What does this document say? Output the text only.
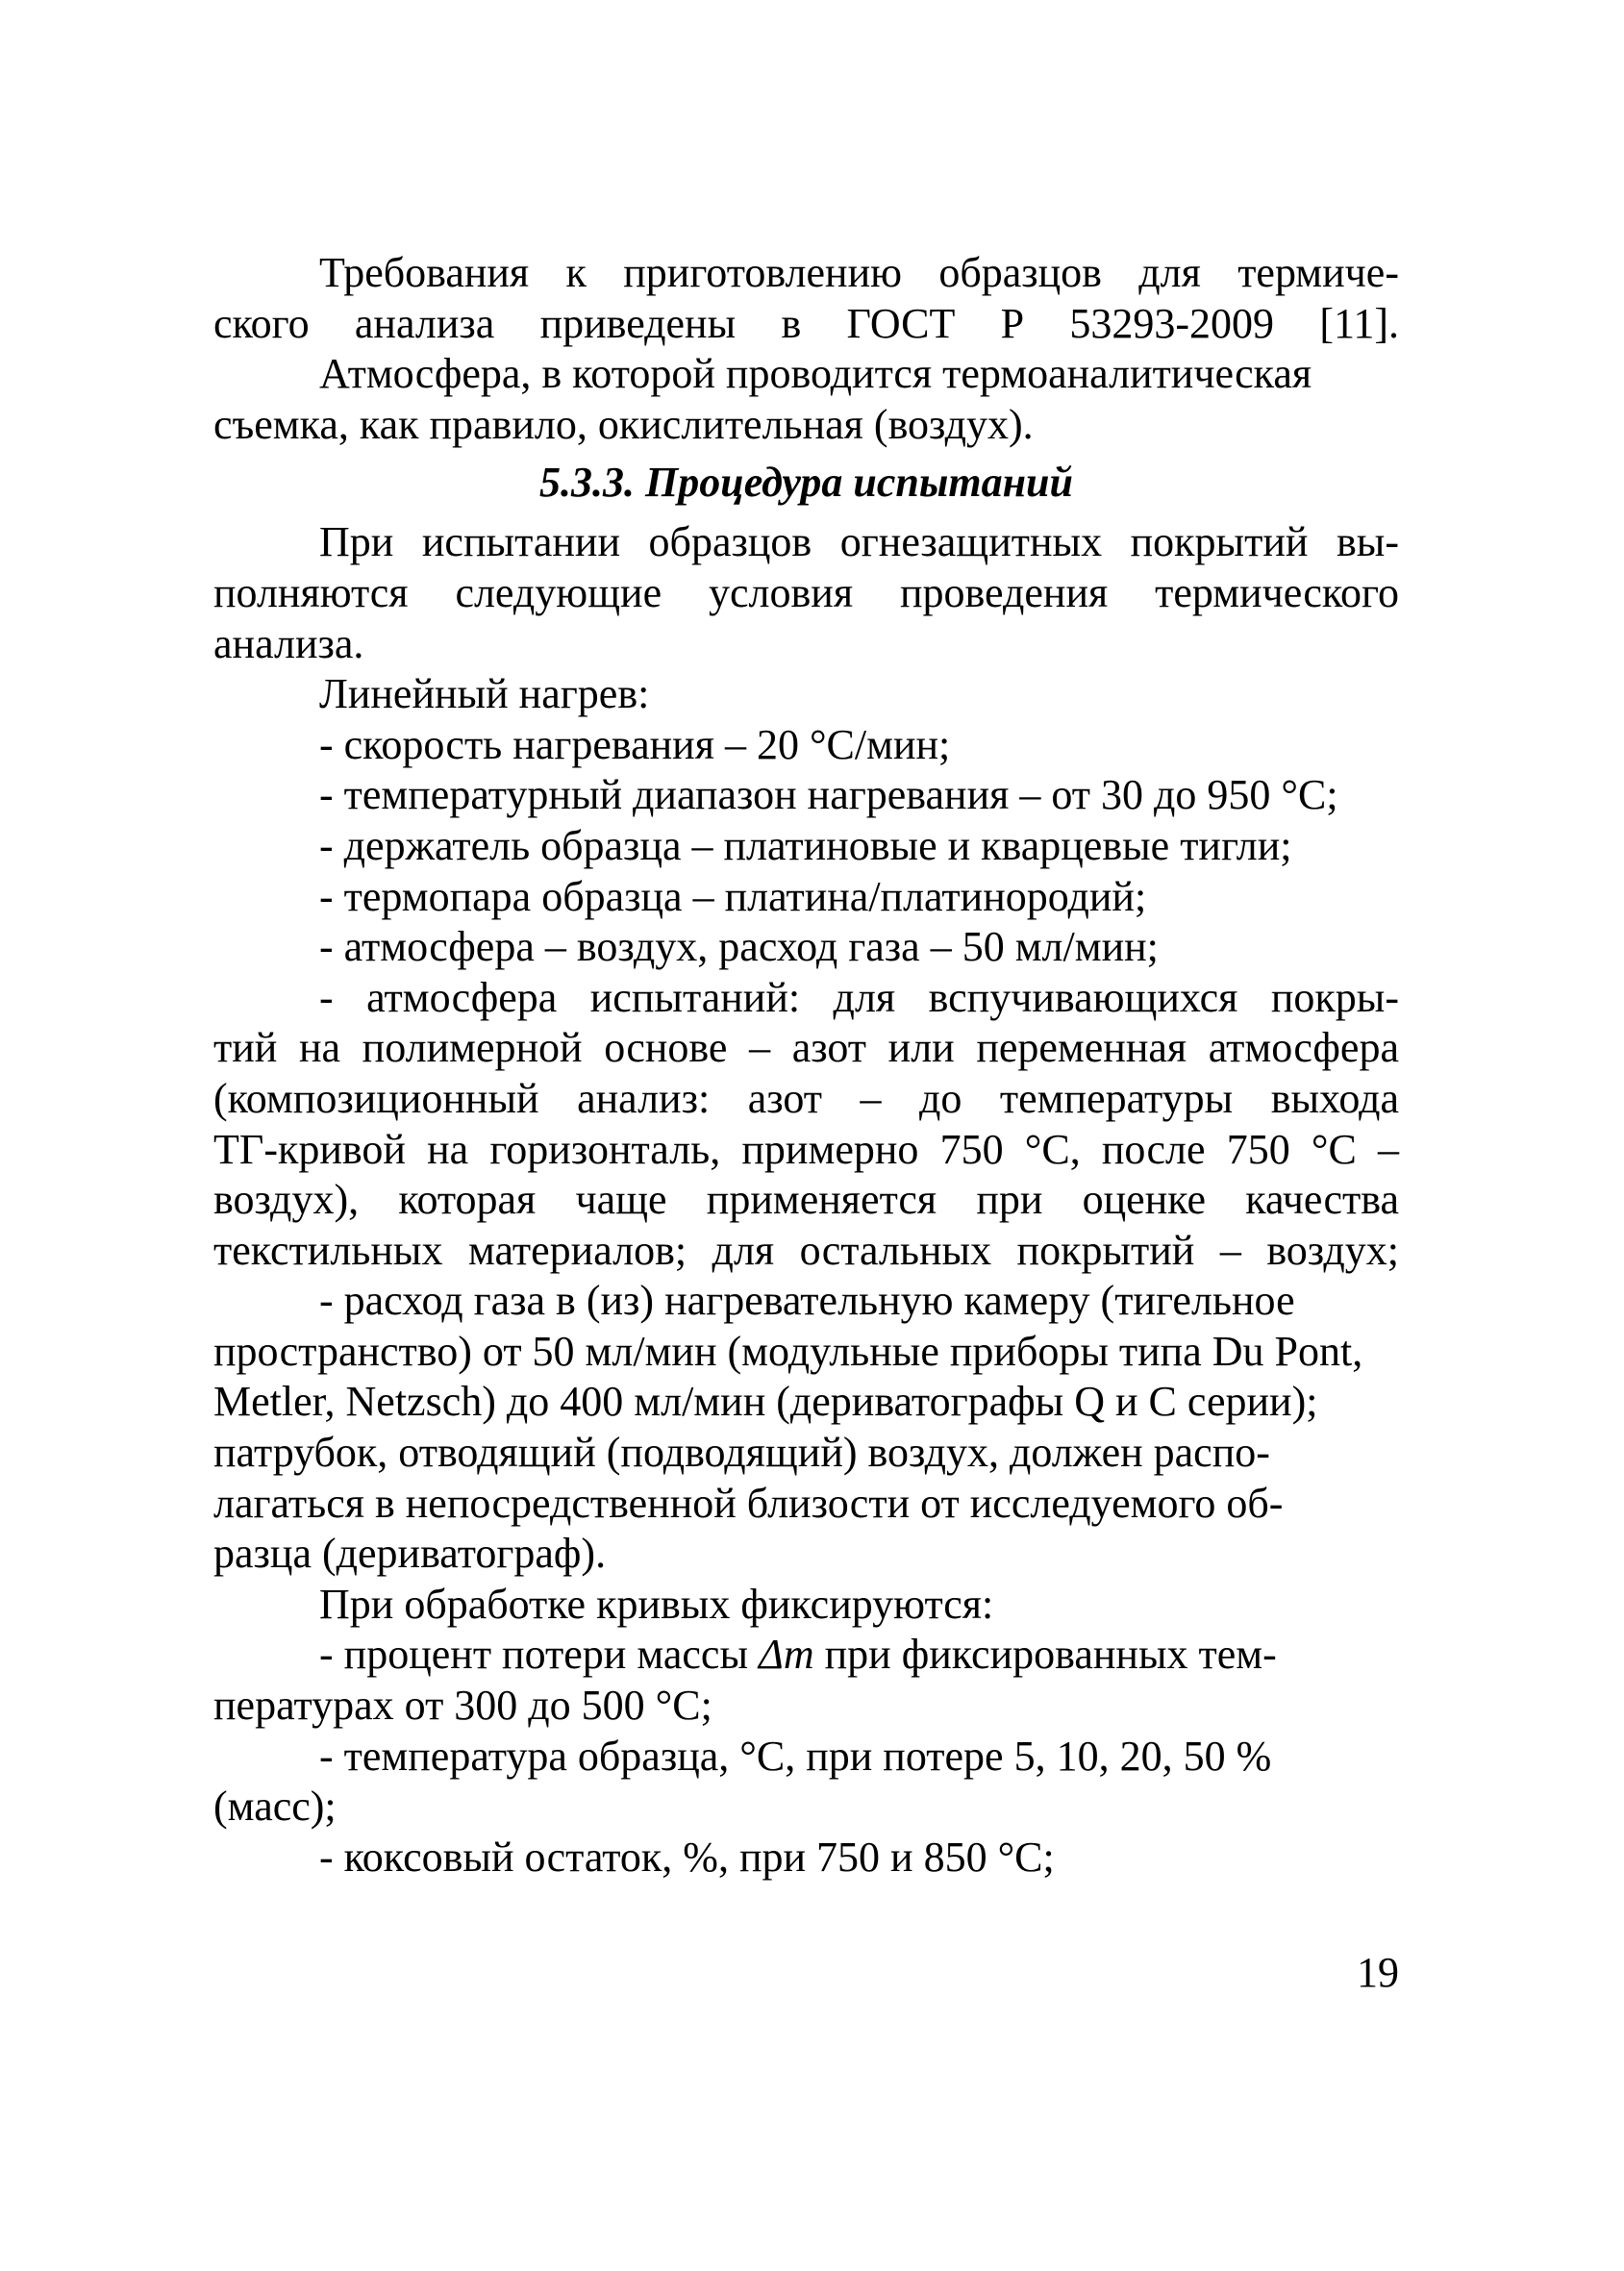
Требования к приготовлению образцов для термиче-
ского анализа приведены в ГОСТ Р 53293-2009 [11].

Атмосфера, в которой проводится термоаналитическая
съемка, как правило, окислительная (воздух).

5.3.3. Процедура испытаний

При испытании образцов огнезащитных покрытий вы-
полняются следующие условия проведения термического
анализа.

Линейный нагрев:

- скорость нагревания – 20 °С/мин;

- температурный диапазон нагревания – от 30 до 950 °С;

- держатель образца – платиновые и кварцевые тигли;

- термопара образца – платина/платинородий;

- атмосфера – воздух, расход газа – 50 мл/мин;

- атмосфера испытаний: для вспучивающихся покры-
тий на полимерной основе – азот или переменная атмосфера
(композиционный анализ: азот – до температуры выхода
ТГ-кривой на горизонталь, примерно 750 °С, после 750 °С –
воздух), которая чаще применяется при оценке качества
текстильных материалов; для остальных покрытий – воздух;

- расход газа в (из) нагревательную камеру (тигельное
пространство) от 50 мл/мин (модульные приборы типа Du Pont,
Metler, Netzsch) до 400 мл/мин (дериватографы Q и С серии);
патрубок, отводящий (подводящий) воздух, должен распо-
лагаться в непосредственной близости от исследуемого об-
разца (дериватограф).

При обработке кривых фиксируются:

- процент потери массы Δm при фиксированных тем-
пературах от 300 до 500 °С;

- температура образца, °С, при потере 5, 10, 20, 50 %
(масс);

- коксовый остаток, %, при 750 и 850 °С;

19
